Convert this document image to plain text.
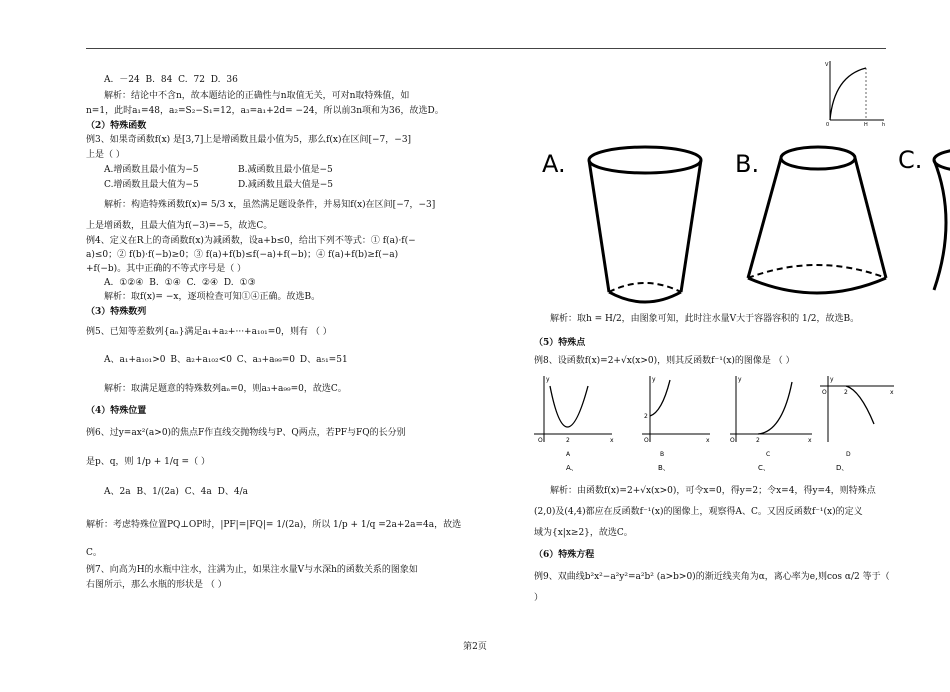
A. －24 B. 84 C. 72 D. 36
解析：结论中不含n，故本题结论的正确性与n取值无关，可对n取特殊值，如
n=1，此时a₁=48，a₂=S₂−S₁=12，a₃=a₁+2d= −24，所以前3n项和为36，故选D。
（2）特殊函数
例3、如果奇函数f(x) 是[3,7]上是增函数且最小值为5，那么f(x)在区间[−7，−3]
上是（ ）
A.增函数且最小值为−5	B.减函数且最小值是−5
C.增函数且最大值为−5	D.减函数且最大值是−5
解析：构造特殊函数f(x)= 5/3 x，虽然满足题设条件，并易知f(x)在区间[−7，−3]
上是增函数，且最大值为f(−3)=−5，故选C。
例4、定义在R上的奇函数f(x)为减函数，设a+b≤0，给出下列不等式：① f(a)·f(−
a)≤0；② f(b)·f(−b)≥0；③ f(a)+f(b)≤f(−a)+f(−b)；④ f(a)+f(b)≥f(−a)
+f(−b)。其中正确的不等式序号是（ ）
A. ①②④ B. ①④ C. ②④ D. ①③
解析：取f(x)= −x，逐项检查可知①④正确。故选B。
（3）特殊数列
例5、已知等差数列{aₙ}满足a₁+a₂+···+a₁₀₁=0，则有 （ ）
A、a₁+a₁₀₁>0 B、a₂+a₁₀₂<0 C、a₃+a₉₉=0 D、a₅₁=51
解析：取满足题意的特殊数列aₙ=0，则a₃+a₉₉=0，故选C。
（4）特殊位置
例6、过y=ax²(a>0)的焦点F作直线交抛物线与P、Q两点，若PF与FQ的长分别
是p、q，则 1/p + 1/q =（ ）
A、2a B、1/(2a) C、4a D、4/a
解析：考虑特殊位置PQ⊥OP时，|PF|=|FQ|= 1/(2a)，所以 1/p + 1/q =2a+2a=4a，故选
C。
例7、向高为H的水瓶中注水，注满为止，如果注水量V与水深h的函数关系的图象如
右图所示，那么水瓶的形状是 （ ）
V
h
0	H
A.	B.	C.
解析：取h = H/2，由图象可知，此时注水量V大于容器容积的 1/2，故选B。
（5）特殊点
例8、设函数f(x)=2+√x(x>0)，则其反函数f⁻¹(x)的图像是 （ ）
y
x
O	2
A
y
x
O
2
B
y
x
O	2
C
y
x
O	2
D
A、	B、	C、	D、
解析：由函数f(x)=2+√x(x>0)，可令x=0，得y=2；令x=4，得y=4，则特殊点
(2,0)及(4,4)都应在反函数f⁻¹(x)的图像上，观察得A、C。又因反函数f⁻¹(x)的定义
域为{x|x≥2}，故选C。
（6）特殊方程
例9、双曲线b²x²−a²y²=a²b² (a>b>0)的渐近线夹角为α，离心率为e,则cos α/2 等于（
）
第2页
